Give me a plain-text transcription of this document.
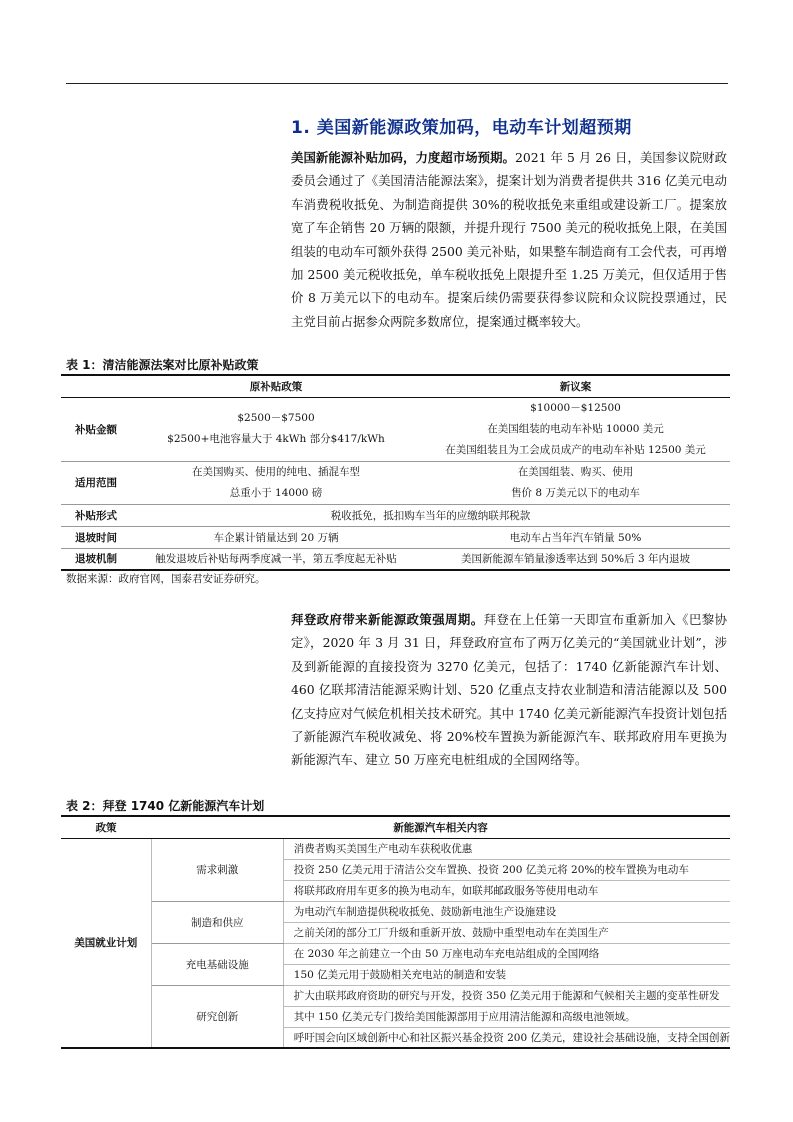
1. 美国新能源政策加码，电动车计划超预期
美国新能源补贴加码，力度超市场预期。2021 年 5 月 26 日，美国参议院财政委员会通过了《美国清洁能源法案》，提案计划为消费者提供共 316 亿美元电动车消费税收抵免、为制造商提供 30%的税收抵免来重组或建设新工厂。提案放宽了车企销售 20 万辆的限额，并提升现行 7500 美元的税收抵免上限，在美国组装的电动车可额外获得 2500 美元补贴，如果整车制造商有工会代表，可再增加 2500 美元税收抵免，单车税收抵免上限提升至 1.25 万美元，但仅适用于售价 8 万美元以下的电动车。提案后续仍需要获得参议院和众议院投票通过，民主党目前占据参众两院多数席位，提案通过概率较大。
表 1：清洁能源法案对比原补贴政策
	原补贴政策	新议案
补贴金额	$2500－$7500
$2500+电池容量大于 4kWh 部分$417/kWh	$10000－$12500
在美国组装的电动车补贴 10000 美元
在美国组装且为工会成员成产的电动车补贴 12500 美元

适用范围	在美国购买、使用的纯电、插混车型
总重小于 14000 磅	在美国组装、购买、使用
售价 8 万美元以下的电动车

补贴形式	税收抵免，抵扣购车当年的应缴纳联邦税款	
退坡时间	车企累计销量达到 20 万辆	电动车占当年汽车销量 50%
退坡机制	触发退坡后补贴每两季度减一半，第五季度起无补贴	美国新能源车销量渗透率达到 50%后 3 年内退坡
数据来源：政府官网，国泰君安证券研究。
拜登政府带来新能源政策强周期。拜登在上任第一天即宣布重新加入《巴黎协定》，2020 年 3 月 31 日，拜登政府宣布了两万亿美元的“美国就业计划”，涉及到新能源的直接投资为 3270 亿美元，包括了：1740 亿新能源汽车计划、460 亿联邦清洁能源采购计划、520 亿重点支持农业制造和清洁能源以及 500 亿支持应对气候危机相关技术研究。其中 1740 亿美元新能源汽车投资计划包括了新能源汽车税收减免、将 20%校车置换为新能源汽车、联邦政府用车更换为新能源汽车、建立 50 万座充电桩组成的全国网络等。
表 2：拜登 1740 亿新能源汽车计划
政策	新能源汽车相关内容	
美国就业计划	需求刺激	消费者购买美国生产电动车获税收优惠
		投资 250 亿美元用于清洁公交车置换、投资 200 亿美元将 20%的校车置换为电动车
		将联邦政府用车更多的换为电动车，如联邦邮政服务等使用电动车
	制造和供应	为电动汽车制造提供税收抵免、鼓励新电池生产设施建设
		之前关闭的部分工厂升级和重新开放、鼓励中重型电动车在美国生产
	充电基础设施	在 2030 年之前建立一个由 50 万座电动车充电站组成的全国网络
		150 亿美元用于鼓励相关充电站的制造和安装
	研究创新	扩大由联邦政府资助的研究与开发，投资 350 亿美元用于能源和气候相关主题的变革性研发
		其中 150 亿美元专门拨给美国能源部用于应用清洁能源和高级电池领域。
		呼吁国会向区域创新中心和社区振兴基金投资 200 亿美元，建设社会基础设施，支持全国创新
